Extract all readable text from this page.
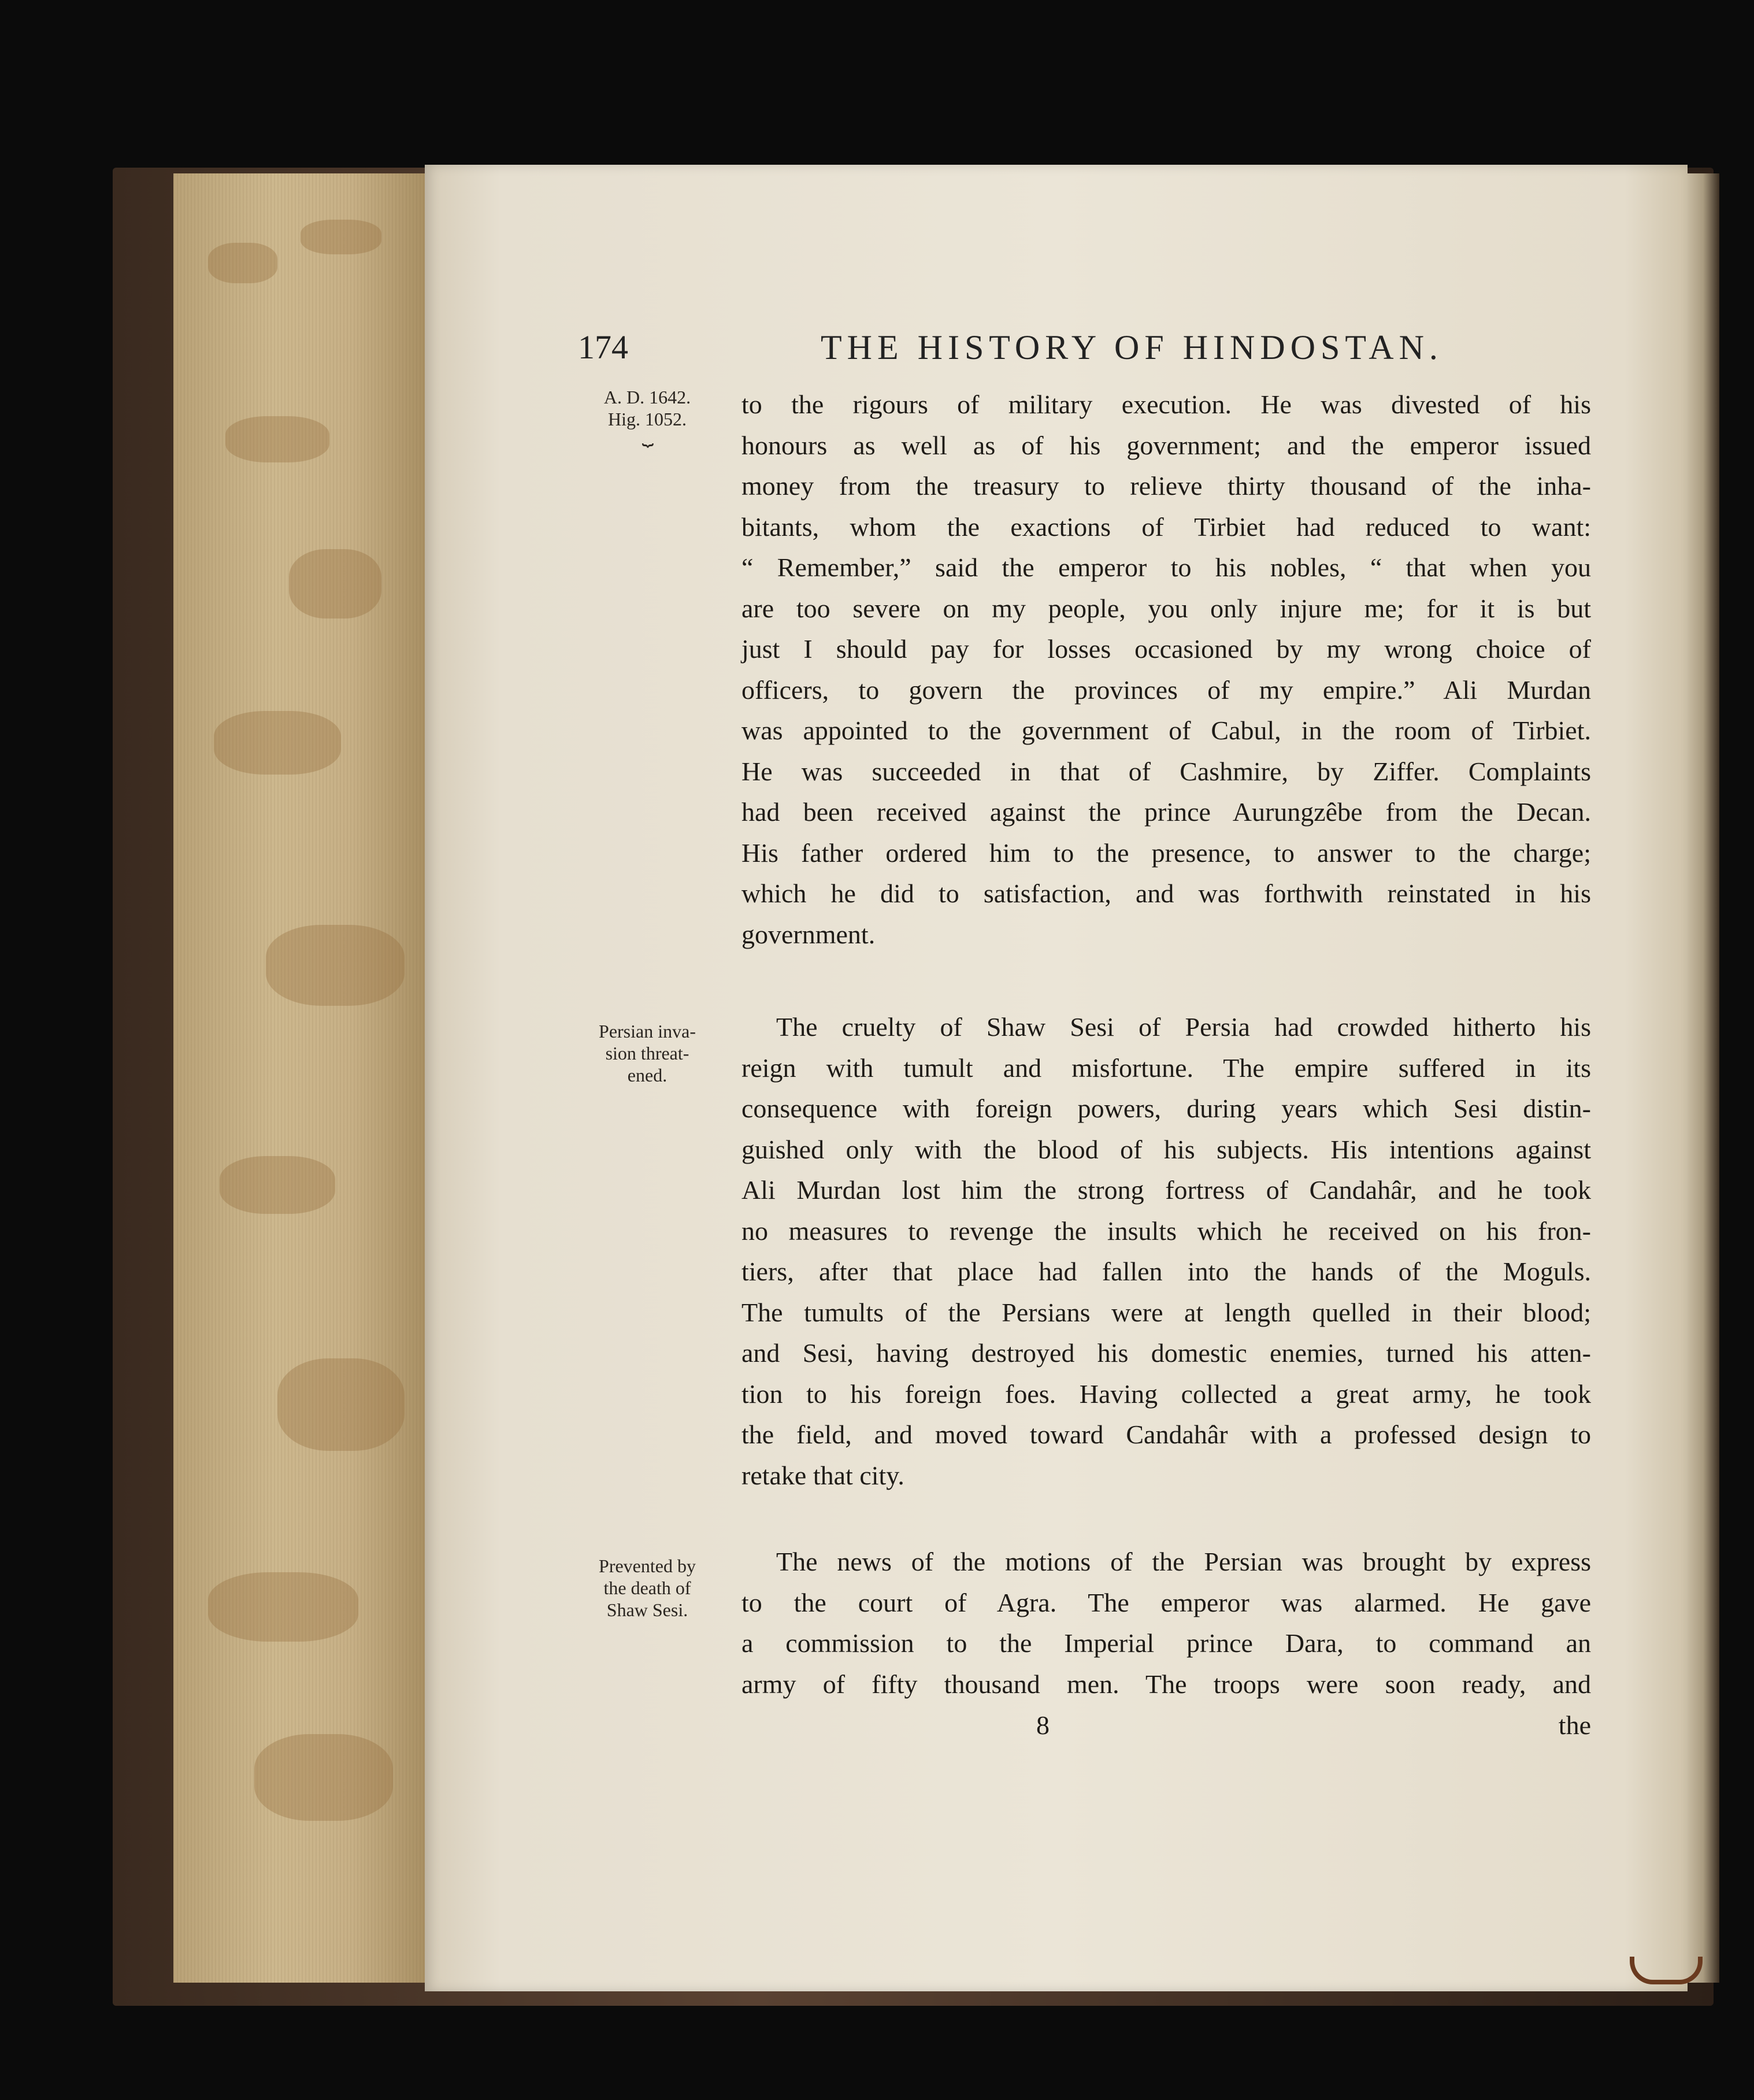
174	THE HISTORY OF HINDOSTAN.
A. D. 1642.
Hig. 1052.
⏟
Persian inva-
sion threat-
ened.
Prevented by
the death of
Shaw Sesi.
to the rigours of military execution. He was divested of his
honours as well as of his government; and the emperor issued
money from the treasury to relieve thirty thousand of the inha-
bitants, whom the exactions of Tirbiet had reduced to want:
“ Remember,” said the emperor to his nobles, “ that when you
are too severe on my people, you only injure me; for it is but
just I should pay for losses occasioned by my wrong choice of
officers, to govern the provinces of my empire.” Ali Murdan
was appointed to the government of Cabul, in the room of Tirbiet.
He was succeeded in that of Cashmire, by Ziffer. Complaints
had been received against the prince Aurungzêbe from the Decan.
His father ordered him to the presence, to answer to the charge;
which he did to satisfaction, and was forthwith reinstated in his
government.
The cruelty of Shaw Sesi of Persia had crowded hitherto his
reign with tumult and misfortune. The empire suffered in its
consequence with foreign powers, during years which Sesi distin-
guished only with the blood of his subjects. His intentions against
Ali Murdan lost him the strong fortress of Candahâr, and he took
no measures to revenge the insults which he received on his fron-
tiers, after that place had fallen into the hands of the Moguls.
The tumults of the Persians were at length quelled in their blood;
and Sesi, having destroyed his domestic enemies, turned his atten-
tion to his foreign foes. Having collected a great army, he took
the field, and moved toward Candahâr with a professed design to
retake that city.
The news of the motions of the Persian was brought by express
to the court of Agra. The emperor was alarmed. He gave
a commission to the Imperial prince Dara, to command an
army of fifty thousand men. The troops were soon ready, and
8	the
